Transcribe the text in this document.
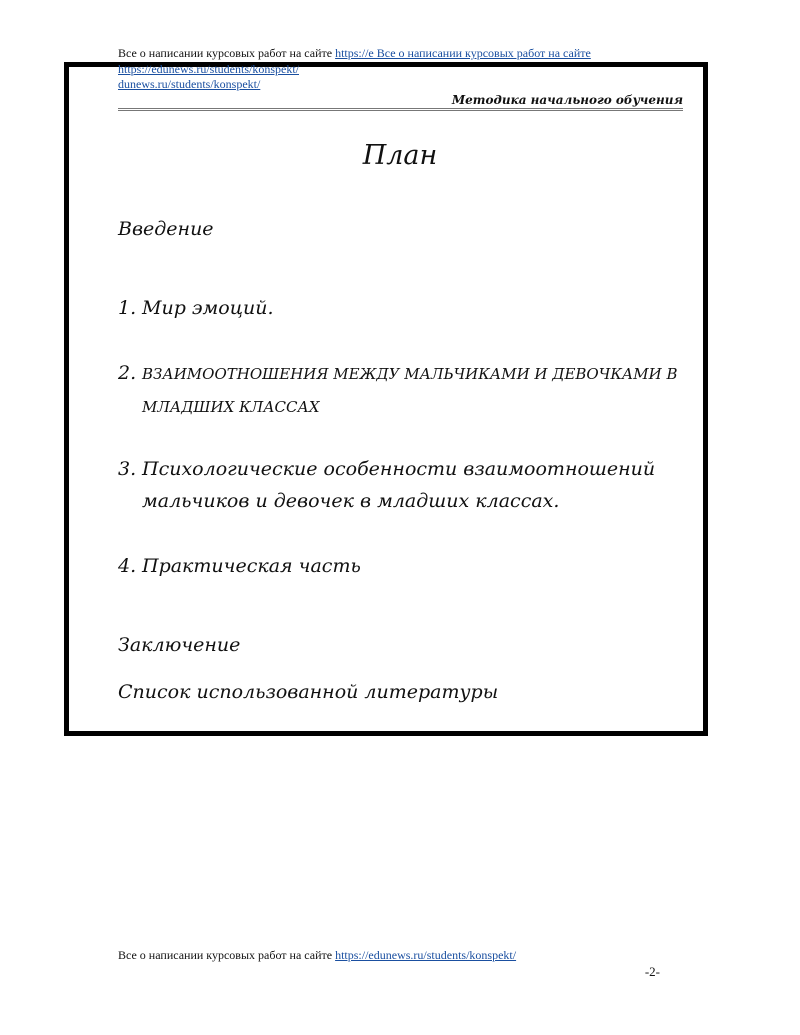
Все о написании курсовых работ на сайте https://e Все о написании курсовых работ на сайте
https://edunews.ru/students/konspekt/
dunews.ru/students/konspekt/
Методика начального обучения
План
Введение
1. Мир эмоций.
2. ВЗАИМООТНОШЕНИЯ МЕЖДУ МАЛЬЧИКАМИ И ДЕВОЧКАМИ В
МЛАДШИХ КЛАССАХ
3. Психологические особенности взаимоотношений
мальчиков и девочек в младших классах.
4. Практическая часть
Заключение
Список использованной литературы
Все о написании курсовых работ на сайте https://edunews.ru/students/konspekt/
-2-
